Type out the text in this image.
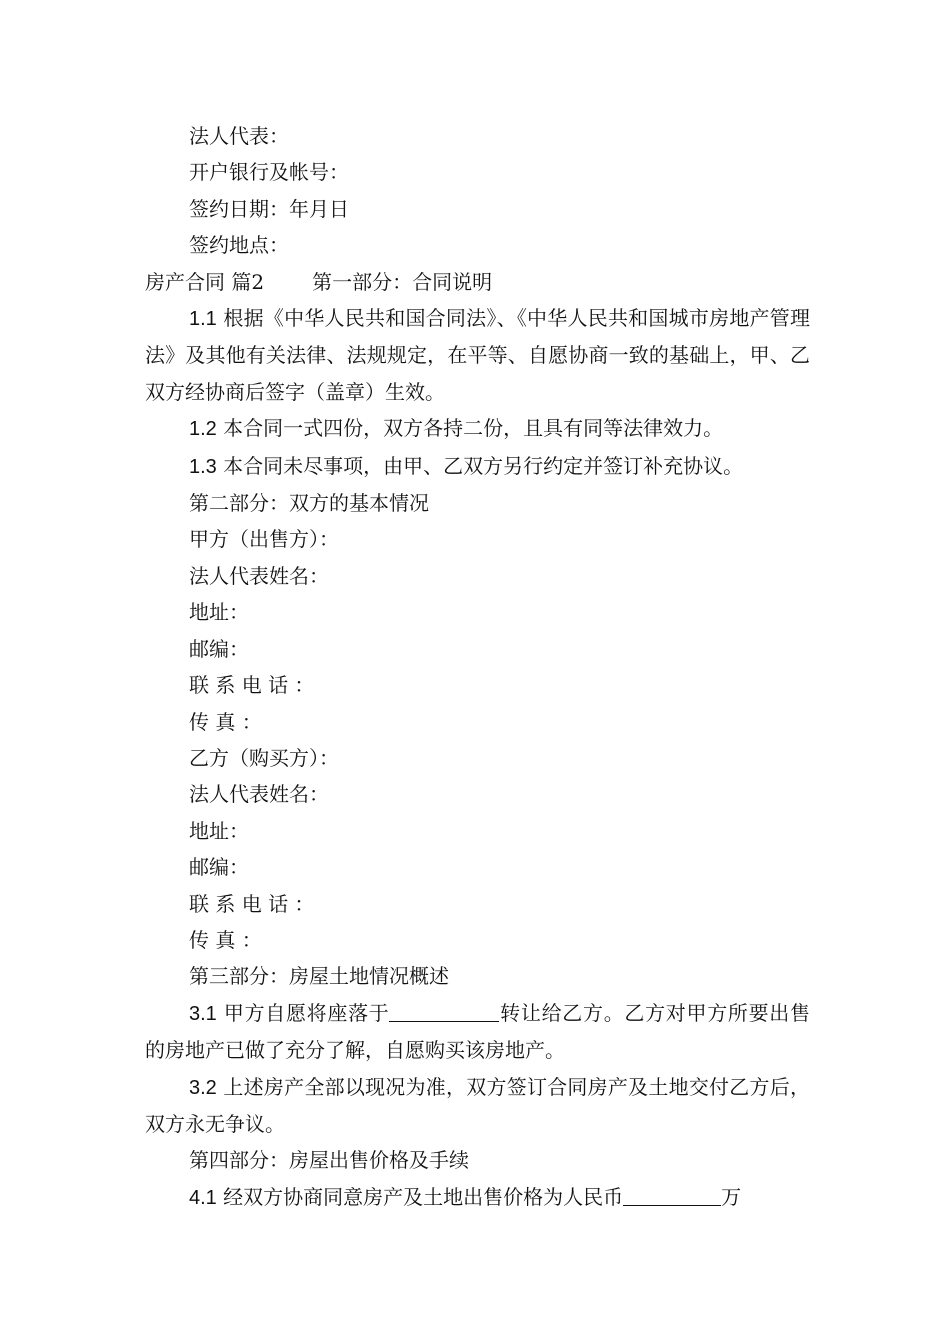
法人代表：

开户银行及帐号：

签约日期：年月日

签约地点：

房产合同 篇2 第一部分：合同说明

1.1 根据《中华人民共和国合同法》、《中华人民共和国城市房地产管理法》及其他有关法律、法规规定，在平等、自愿协商一致的基础上，甲、乙双方经协商后签字（盖章）生效。

1.2 本合同一式四份，双方各持二份，且具有同等法律效力。

1.3 本合同未尽事项，由甲、乙双方另行约定并签订补充协议。

第二部分：双方的基本情况

甲方（出售方）：

法人代表姓名：

地址：

邮编：

联 系 电 话 ：

传 真 ：

乙方（购买方）：

法人代表姓名：

地址：

邮编：

联 系 电 话 ：

传 真 ：

第三部分：房屋土地情况概述

3.1 甲方自愿将座落于	转让给乙方。乙方对甲方所要出售的房地产已做了充分了解，自愿购买该房地产。

3.2 上述房产全部以现况为准，双方签订合同房产及土地交付乙方后，双方永无争议。

第四部分：房屋出售价格及手续

4.1 经双方协商同意房产及土地出售价格为人民币	万
